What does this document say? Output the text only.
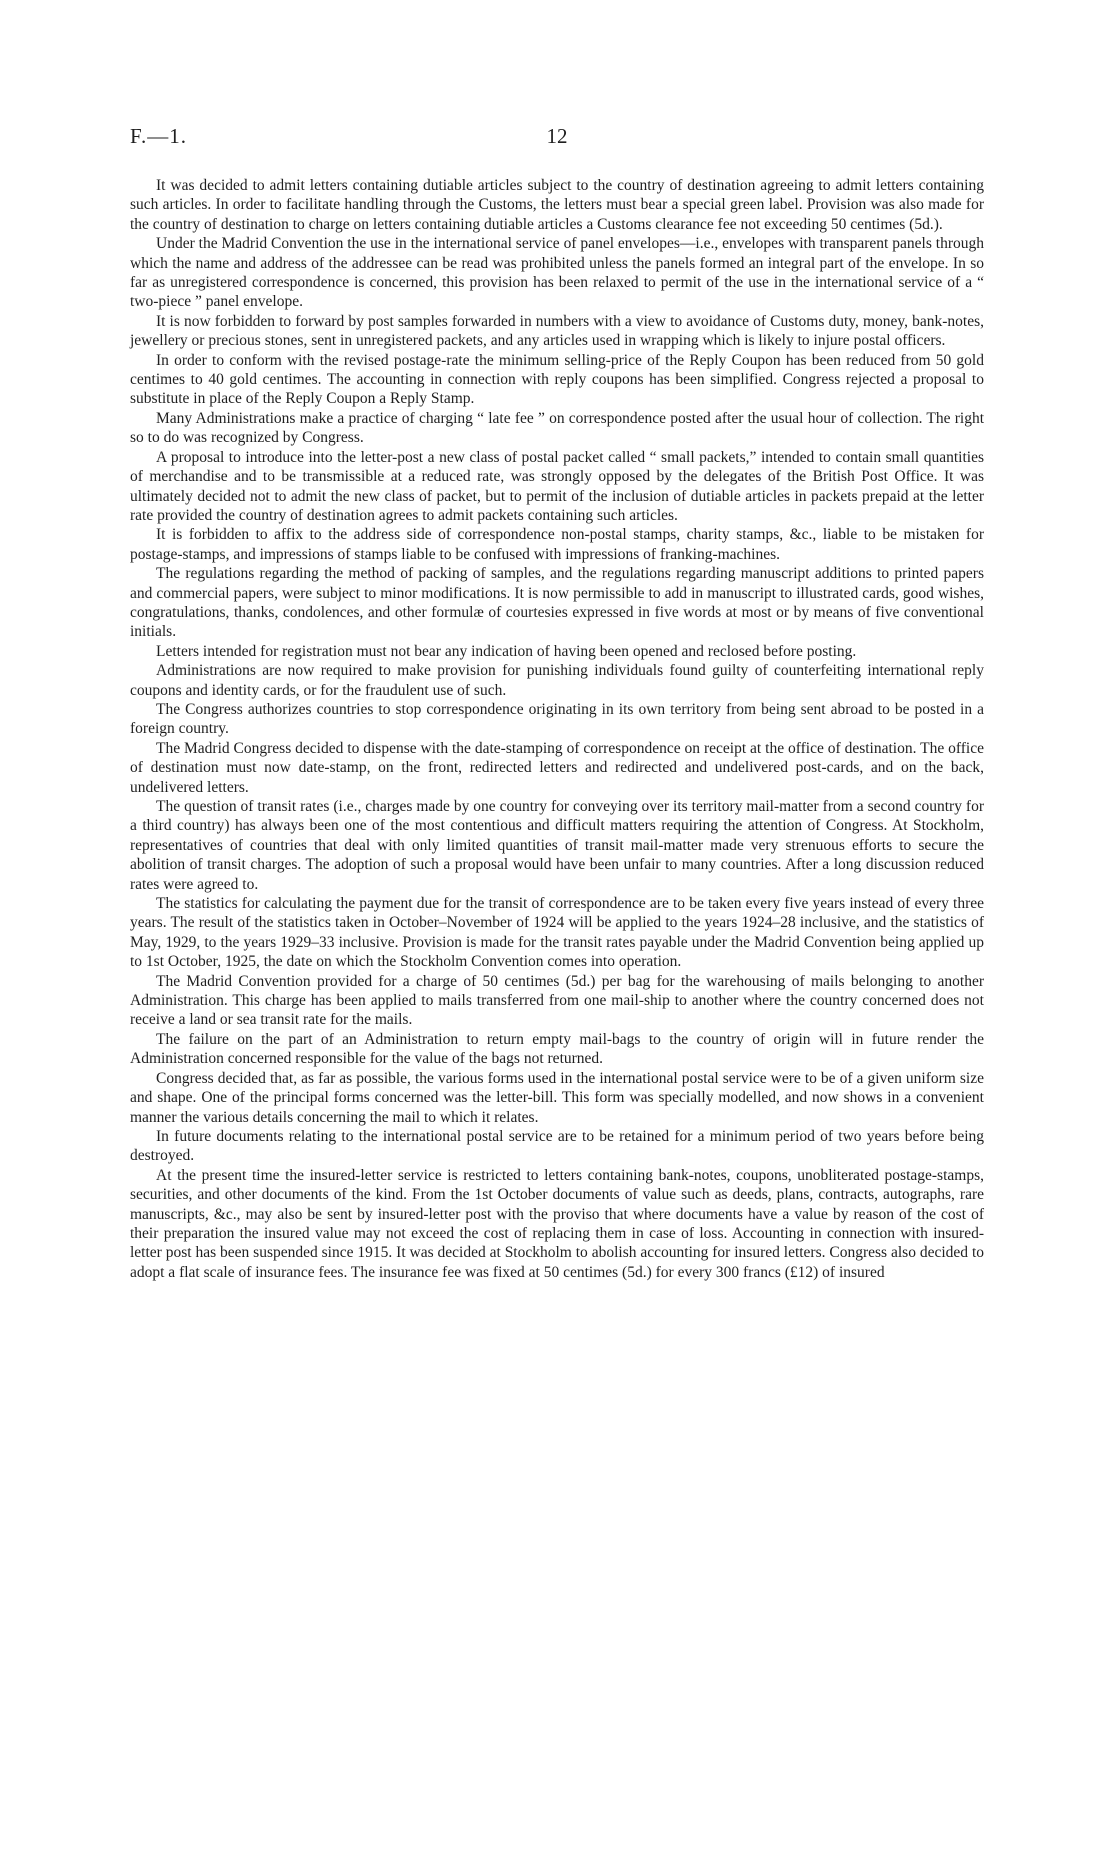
F.—1.	12

It was decided to admit letters containing dutiable articles subject to the country of destination agreeing to admit letters containing such articles. In order to facilitate handling through the Customs, the letters must bear a special green label. Provision was also made for the country of destination to charge on letters containing dutiable articles a Customs clearance fee not exceeding 50 centimes (5d.).

Under the Madrid Convention the use in the international service of panel envelopes—i.e., envelopes with transparent panels through which the name and address of the addressee can be read was prohibited unless the panels formed an integral part of the envelope. In so far as unregistered correspondence is concerned, this provision has been relaxed to permit of the use in the international service of a “ two-piece ” panel envelope.

It is now forbidden to forward by post samples forwarded in numbers with a view to avoidance of Customs duty, money, bank-notes, jewellery or precious stones, sent in unregistered packets, and any articles used in wrapping which is likely to injure postal officers.

In order to conform with the revised postage-rate the minimum selling-price of the Reply Coupon has been reduced from 50 gold centimes to 40 gold centimes. The accounting in connection with reply coupons has been simplified. Congress rejected a proposal to substitute in place of the Reply Coupon a Reply Stamp.

Many Administrations make a practice of charging “ late fee ” on correspondence posted after the usual hour of collection. The right so to do was recognized by Congress.

A proposal to introduce into the letter-post a new class of postal packet called “ small packets,” intended to contain small quantities of merchandise and to be transmissible at a reduced rate, was strongly opposed by the delegates of the British Post Office. It was ultimately decided not to admit the new class of packet, but to permit of the inclusion of dutiable articles in packets prepaid at the letter rate provided the country of destination agrees to admit packets containing such articles.

It is forbidden to affix to the address side of correspondence non-postal stamps, charity stamps, &c., liable to be mistaken for postage-stamps, and impressions of stamps liable to be confused with impressions of franking-machines.

The regulations regarding the method of packing of samples, and the regulations regarding manuscript additions to printed papers and commercial papers, were subject to minor modifications. It is now permissible to add in manuscript to illustrated cards, good wishes, congratulations, thanks, condolences, and other formulæ of courtesies expressed in five words at most or by means of five conventional initials.

Letters intended for registration must not bear any indication of having been opened and reclosed before posting.

Administrations are now required to make provision for punishing individuals found guilty of counterfeiting international reply coupons and identity cards, or for the fraudulent use of such.

The Congress authorizes countries to stop correspondence originating in its own territory from being sent abroad to be posted in a foreign country.

The Madrid Congress decided to dispense with the date-stamping of correspondence on receipt at the office of destination. The office of destination must now date-stamp, on the front, redirected letters and redirected and undelivered post-cards, and on the back, undelivered letters.

The question of transit rates (i.e., charges made by one country for conveying over its territory mail-matter from a second country for a third country) has always been one of the most contentious and difficult matters requiring the attention of Congress. At Stockholm, representatives of countries that deal with only limited quantities of transit mail-matter made very strenuous efforts to secure the abolition of transit charges. The adoption of such a proposal would have been unfair to many countries. After a long discussion reduced rates were agreed to.

The statistics for calculating the payment due for the transit of correspondence are to be taken every five years instead of every three years. The result of the statistics taken in October–November of 1924 will be applied to the years 1924–28 inclusive, and the statistics of May, 1929, to the years 1929–33 inclusive. Provision is made for the transit rates payable under the Madrid Convention being applied up to 1st October, 1925, the date on which the Stockholm Convention comes into operation.

The Madrid Convention provided for a charge of 50 centimes (5d.) per bag for the warehousing of mails belonging to another Administration. This charge has been applied to mails transferred from one mail-ship to another where the country concerned does not receive a land or sea transit rate for the mails.

The failure on the part of an Administration to return empty mail-bags to the country of origin will in future render the Administration concerned responsible for the value of the bags not returned.

Congress decided that, as far as possible, the various forms used in the international postal service were to be of a given uniform size and shape. One of the principal forms concerned was the letter-bill. This form was specially modelled, and now shows in a convenient manner the various details concerning the mail to which it relates.

In future documents relating to the international postal service are to be retained for a minimum period of two years before being destroyed.

At the present time the insured-letter service is restricted to letters containing bank-notes, coupons, unobliterated postage-stamps, securities, and other documents of the kind. From the 1st October documents of value such as deeds, plans, contracts, autographs, rare manuscripts, &c., may also be sent by insured-letter post with the proviso that where documents have a value by reason of the cost of their preparation the insured value may not exceed the cost of replacing them in case of loss. Accounting in connection with insured-letter post has been suspended since 1915. It was decided at Stockholm to abolish accounting for insured letters. Congress also decided to adopt a flat scale of insurance fees. The insurance fee was fixed at 50 centimes (5d.) for every 300 francs (£12) of insured
